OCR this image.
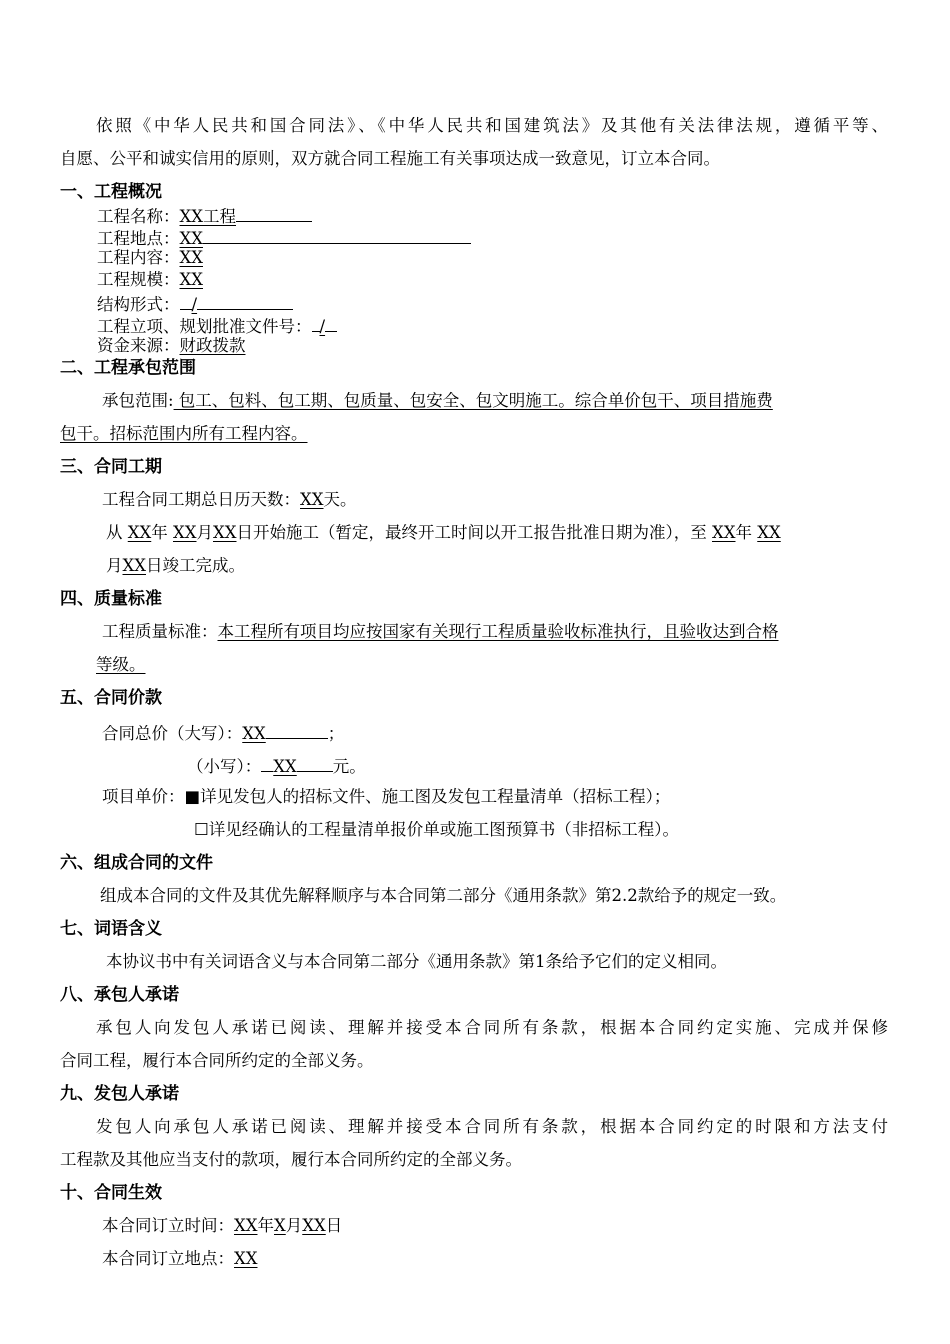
依照《中华人民共和国合同法》、《中华人民共和国建筑法》及其他有关法律法规，遵循平等、
自愿、公平和诚实信用的原则，双方就合同工程施工有关事项达成一致意见，订立本合同。
一、工程概况
工程名称：XX工程
工程地点：XX
工程内容：XX
工程规模：XX
结构形式： /
工程立项、规划批准文件号： /
资金来源：财政拨款
二、工程承包范围
承包范围: 包工、包料、包工期、包质量、包安全、包文明施工。综合单价包干、项目措施费
包干。招标范围内所有工程内容。
三、合同工期
工程合同工期总日历天数：XX天。
从 XX年 XX月XX日开始施工（暂定，最终开工时间以开工报告批准日期为准），至 XX年 XX
月XX日竣工完成。
四、质量标准
工程质量标准：本工程所有项目均应按国家有关现行工程质量验收标准执行，且验收达到合格
等级。
五、合同价款
合同总价（大写）：XX	；
（小写）： XX 元。
项目单价：■详见发包人的招标文件、施工图及发包工程量清单（招标工程）；
☐详见经确认的工程量清单报价单或施工图预算书（非招标工程）。
六、组成合同的文件
组成本合同的文件及其优先解释顺序与本合同第二部分《通用条款》第2.2款给予的规定一致。
七、词语含义
本协议书中有关词语含义与本合同第二部分《通用条款》第1条给予它们的定义相同。
八、承包人承诺
承包人向发包人承诺已阅读、理解并接受本合同所有条款，根据本合同约定实施、完成并保修
合同工程，履行本合同所约定的全部义务。
九、发包人承诺
发包人向承包人承诺已阅读、理解并接受本合同所有条款，根据本合同约定的时限和方法支付
工程款及其他应当支付的款项，履行本合同所约定的全部义务。
十、合同生效
本合同订立时间：XX年X月XX日
本合同订立地点：XX
